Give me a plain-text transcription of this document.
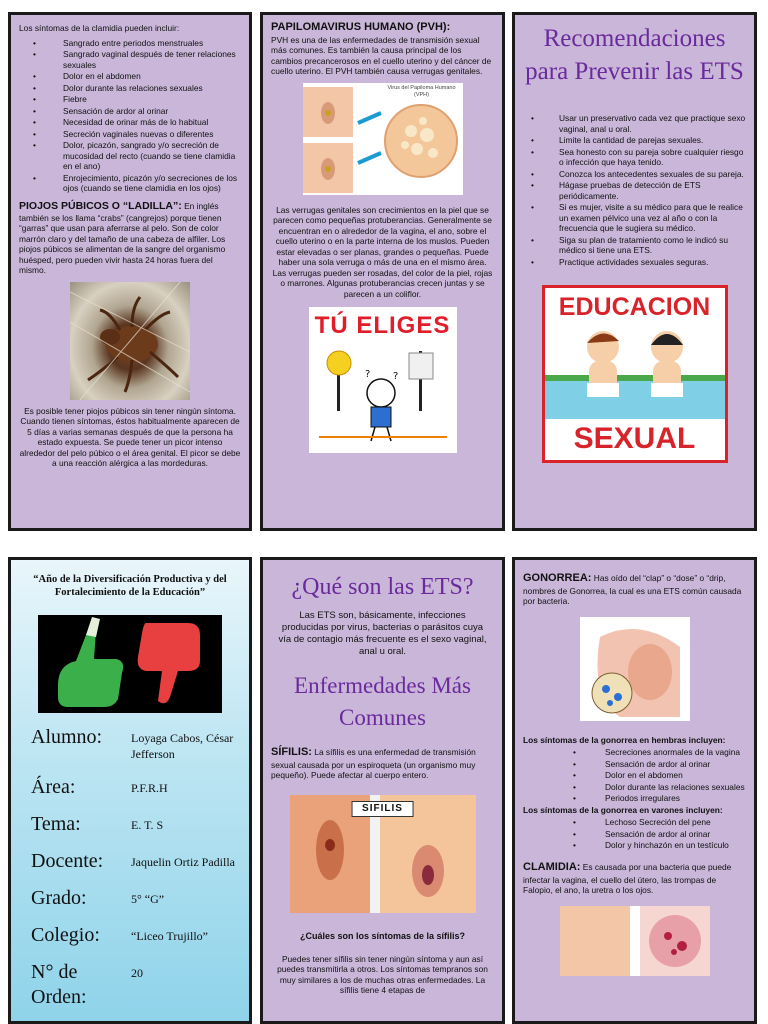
Los síntomas de la clamidia pueden incluir:
• Sangrado entre periodos menstruales
• Sangrado vaginal después de tener relaciones sexuales
• Dolor en el abdomen
• Dolor durante las relaciones sexuales
• Fiebre
• Sensación de ardor al orinar
• Necesidad de orinar más de lo habitual
• Secreción vaginales nuevas o diferentes
• Dolor, picazón, sangrado y/o secreción de mucosidad del recto (cuando se tiene clamidia en el ano)
• Enrojecimiento, picazón y/o secreciones de los ojos (cuando se tiene clamidia en los ojos)
PIOJOS PÚBICOS O “LADILLA”: En inglés también se los llama “crabs” (cangrejos) porque tienen “garras” que usan para aferrarse al pelo. Son de color marrón claro y del tamaño de una cabeza de alfiler. Los piojos púbicos se alimentan de la sangre del organismo huésped, pero pueden vivir hasta 24 horas fuera del mismo.
Es posible tener piojos púbicos sin tener ningún síntoma. Cuando tienen síntomas, éstos habitualmente aparecen de 5 días a varias semanas después de que la persona ha estado expuesta. Se puede tener un picor intenso alrededor del pelo púbico o el área genital. El picor se debe a una reacción alérgica a las mordeduras.
PAPILOMAVIRUS HUMANO (PVH):
PVH es una de las enfermedades de transmisión sexual más comunes. Es también la causa principal de los cambios precancerosos en el cuello uterino y del cáncer de cuello uterino. El PVH también causa verrugas genitales.
Virus del Papiloma Humano (VPH)
Las verrugas genitales son crecimientos en la piel que se parecen como pequeñas protuberancias. Generalmente se encuentran en o alrededor de la vagina, el ano, sobre el cuello uterino o en la parte interna de los muslos. Pueden estar elevadas o ser planas, grandes o pequeñas. Puede haber una sola verruga o más de una en el mismo área. Las verrugas pueden ser rosadas, del color de la piel, rojas o marrones. Algunas protuberancias crecen juntas y se parecen a un coliflor.
TÚ ELIGES
?
?
Recomendaciones para Prevenir las ETS
• Usar un preservativo cada vez que practique sexo vaginal, anal u oral.
• Limite la cantidad de parejas sexuales.
• Sea honesto con su pareja sobre cualquier riesgo o infección que haya tenido.
• Conozca los antecedentes sexuales de su pareja.
• Hágase pruebas de detección de ETS periódicamente.
• Si es mujer, visite a su médico para que le realice un examen pélvico una vez al año o con la frecuencia que le sugiera su médico.
• Siga su plan de tratamiento como le indicó su médico si tiene una ETS.
• Practique actividades sexuales seguras.
EDUCACION
SEXUAL
“Año de la Diversificación Productiva y del Fortalecimiento de la Educación”
Alumno:	Loyaga Cabos, César Jefferson
Área:	P.F.R.H
Tema:	E. T. S
Docente:	Jaquelin Ortiz Padilla
Grado:	5° “G”
Colegio:	“Liceo Trujillo”
N° de Orden:
20
¿Qué son las ETS?
Las ETS son, básicamente, infecciones producidas por virus, bacterias o parásitos cuya vía de contagio más frecuente es el sexo vaginal, anal u oral.
Enfermedades Más Comunes
SÍFILIS: La sífilis es una enfermedad de transmisión sexual causada por un espiroqueta (un organismo muy pequeño). Puede afectar al cuerpo entero.
SIFILIS
¿Cuáles son los síntomas de la sífilis?
Puedes tener sífilis sin tener ningún síntoma y aun así puedes transmitirla a otros. Los síntomas tempranos son muy similares a los de muchas otras enfermedades. La sífilis tiene 4 etapas de
GONORREA: Has oído del “clap” o “dose” o “drip, nombres de Gonorrea, la cual es una ETS común causada por bacteria.
Los síntomas de la gonorrea en hembras incluyen:
• Secreciones anormales de la vagina
• Sensación de ardor al orinar
• Dolor en el abdomen
• Dolor durante las relaciones sexuales
• Periodos irregulares
Los síntomas de la gonorrea en varones incluyen:
• Lechoso Secreción del pene
• Sensación de ardor al orinar
• Dolor y hinchazón en un testículo
CLAMIDIA: Es causada por una bacteria que puede infectar la vagina, el cuello del útero, las trompas de Falopio, el ano, la uretra o los ojos.
